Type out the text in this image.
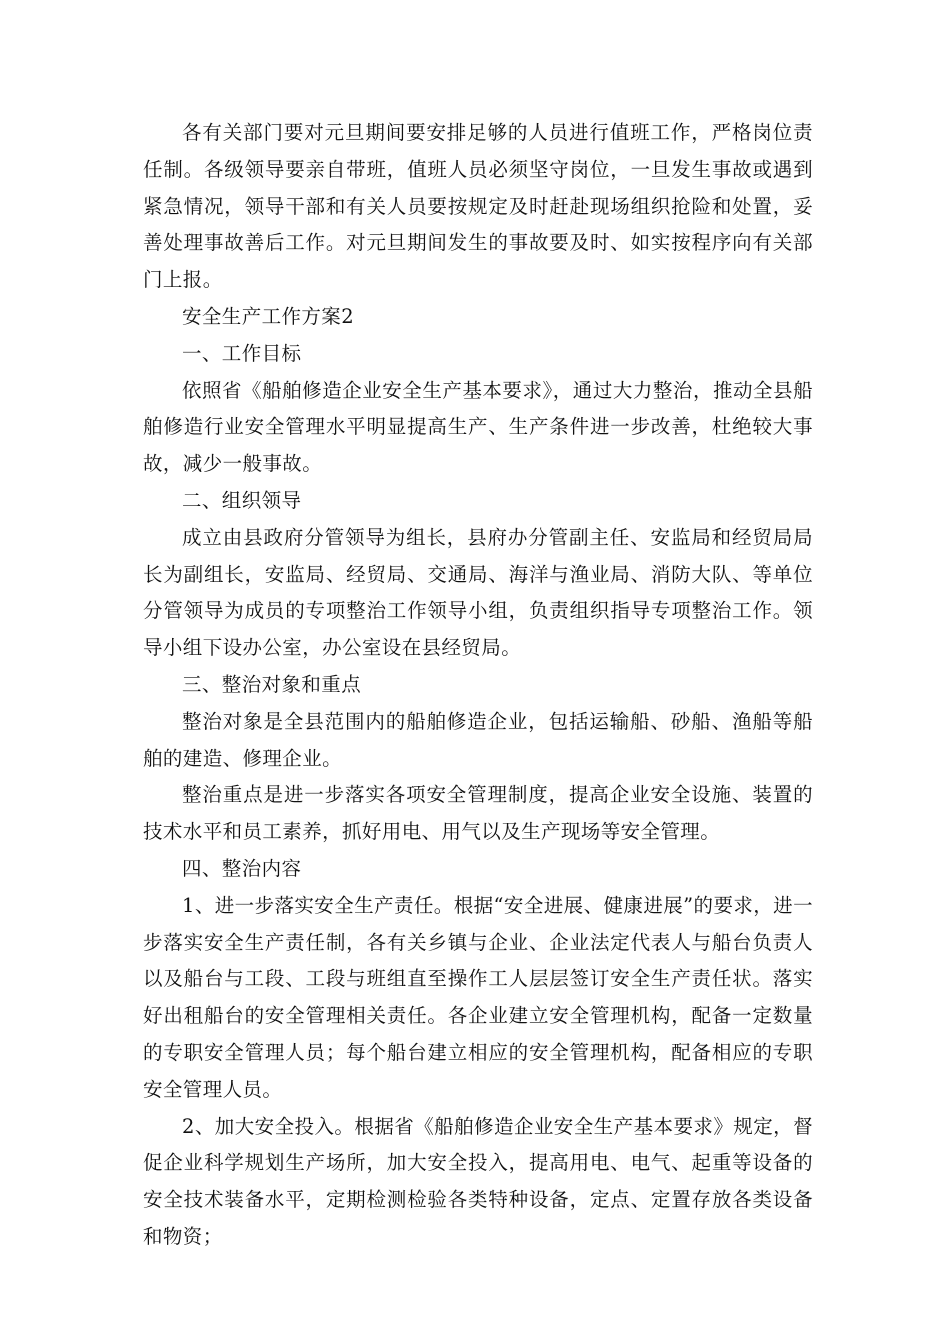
各有关部门要对元旦期间要安排足够的人员进行值班工作，严格岗位责任制。各级领导要亲自带班，值班人员必须坚守岗位，一旦发生事故或遇到紧急情况，领导干部和有关人员要按规定及时赶赴现场组织抢险和处置，妥善处理事故善后工作。对元旦期间发生的事故要及时、如实按程序向有关部门上报。

安全生产工作方案2

一、工作目标

依照省《船舶修造企业安全生产基本要求》，通过大力整治，推动全县船舶修造行业安全管理水平明显提高生产、生产条件进一步改善，杜绝较大事故，减少一般事故。

二、组织领导

成立由县政府分管领导为组长，县府办分管副主任、安监局和经贸局局长为副组长，安监局、经贸局、交通局、海洋与渔业局、消防大队、等单位分管领导为成员的专项整治工作领导小组，负责组织指导专项整治工作。领导小组下设办公室，办公室设在县经贸局。

三、整治对象和重点

整治对象是全县范围内的船舶修造企业，包括运输船、砂船、渔船等船舶的建造、修理企业。

整治重点是进一步落实各项安全管理制度，提高企业安全设施、装置的技术水平和员工素养，抓好用电、用气以及生产现场等安全管理。

四、整治内容

1、进一步落实安全生产责任。根据“安全进展、健康进展”的要求，进一步落实安全生产责任制，各有关乡镇与企业、企业法定代表人与船台负责人以及船台与工段、工段与班组直至操作工人层层签订安全生产责任状。落实好出租船台的安全管理相关责任。各企业建立安全管理机构，配备一定数量的专职安全管理人员；每个船台建立相应的安全管理机构，配备相应的专职安全管理人员。

2、加大安全投入。根据省《船舶修造企业安全生产基本要求》规定，督促企业科学规划生产场所，加大安全投入，提高用电、电气、起重等设备的安全技术装备水平，定期检测检验各类特种设备，定点、定置存放各类设备和物资；
